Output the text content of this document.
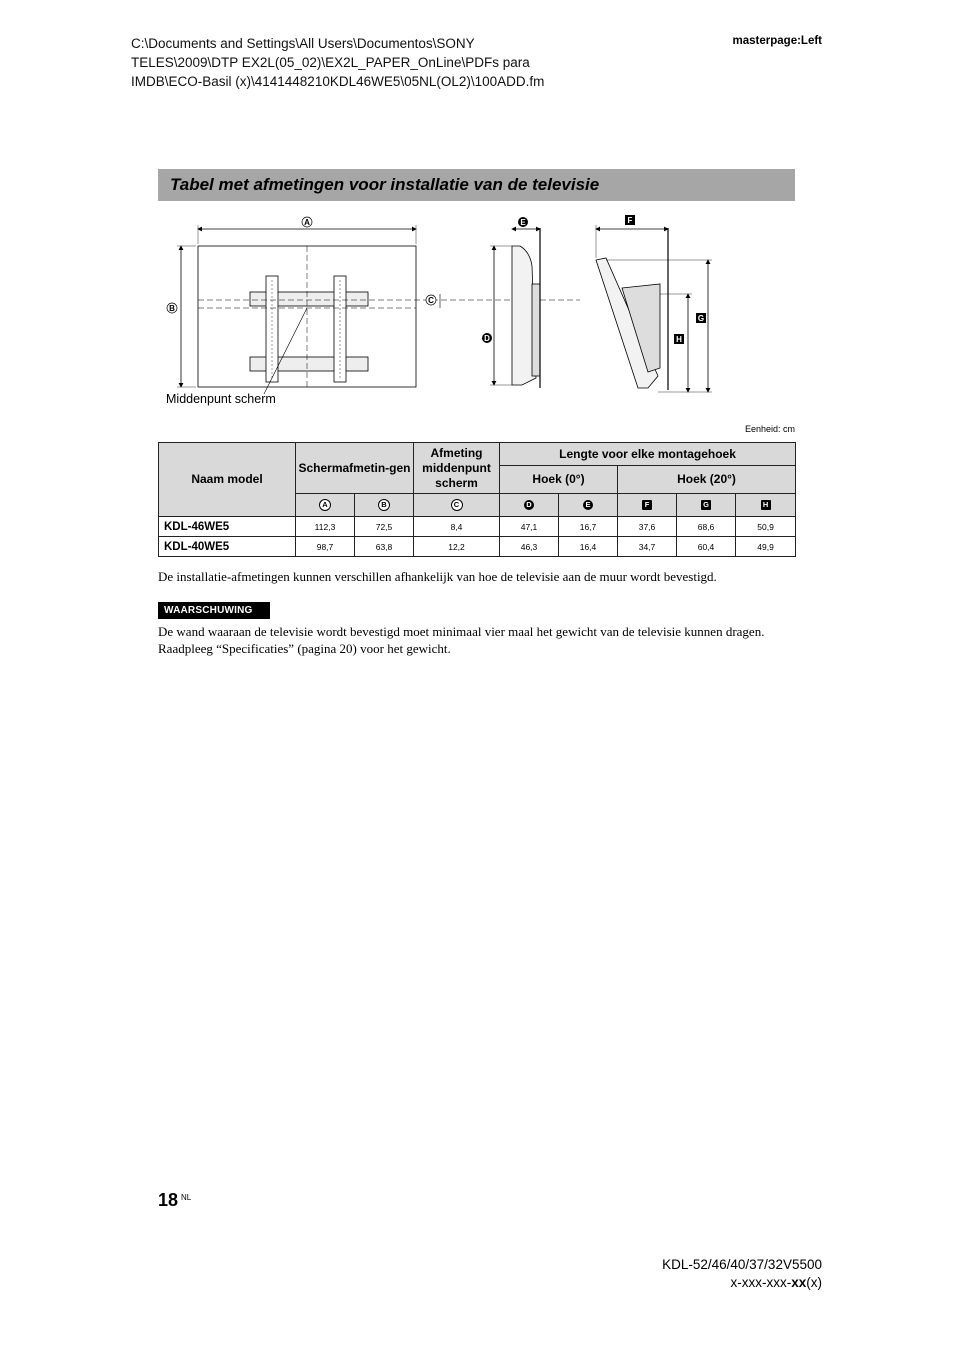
C:\Documents and Settings\All Users\Documentos\SONY
TELES\2009\DTP EX2L(05_02)\EX2L_PAPER_OnLine\PDFs para
IMDB\ECO-Basil (x)\4141448210KDL46WE5\05NL(OL2)\100ADD.fm
masterpage:Left
Tabel met afmetingen voor installatie van de televisie
A
B
C
D
E	F
G
H
Middenpunt scherm
Eenheid: cm
Naam model	Schermafmetin-gen		Afmeting middenpunt scherm	Lengte voor elke montagehoek				
				Hoek (0°)		Hoek (20°)		
	A	B	C	D	E	F	G	H
KDL-46WE5	112,3	72,5	8,4	47,1	16,7	37,6	68,6	50,9
KDL-40WE5	98,7	63,8	12,2	46,3	16,4	34,7	60,4	49,9
De installatie-afmetingen kunnen verschillen afhankelijk van hoe de televisie aan de muur wordt bevestigd.
WAARSCHUWING
De wand waaraan de televisie wordt bevestigd moet minimaal vier maal het gewicht van de televisie kunnen dragen. Raadpleeg “Specificaties” (pagina 20) voor het gewicht.
18 $^{NL}$
KDL-52/46/40/37/32V5500
x-xxx-xxx-xx(x)
